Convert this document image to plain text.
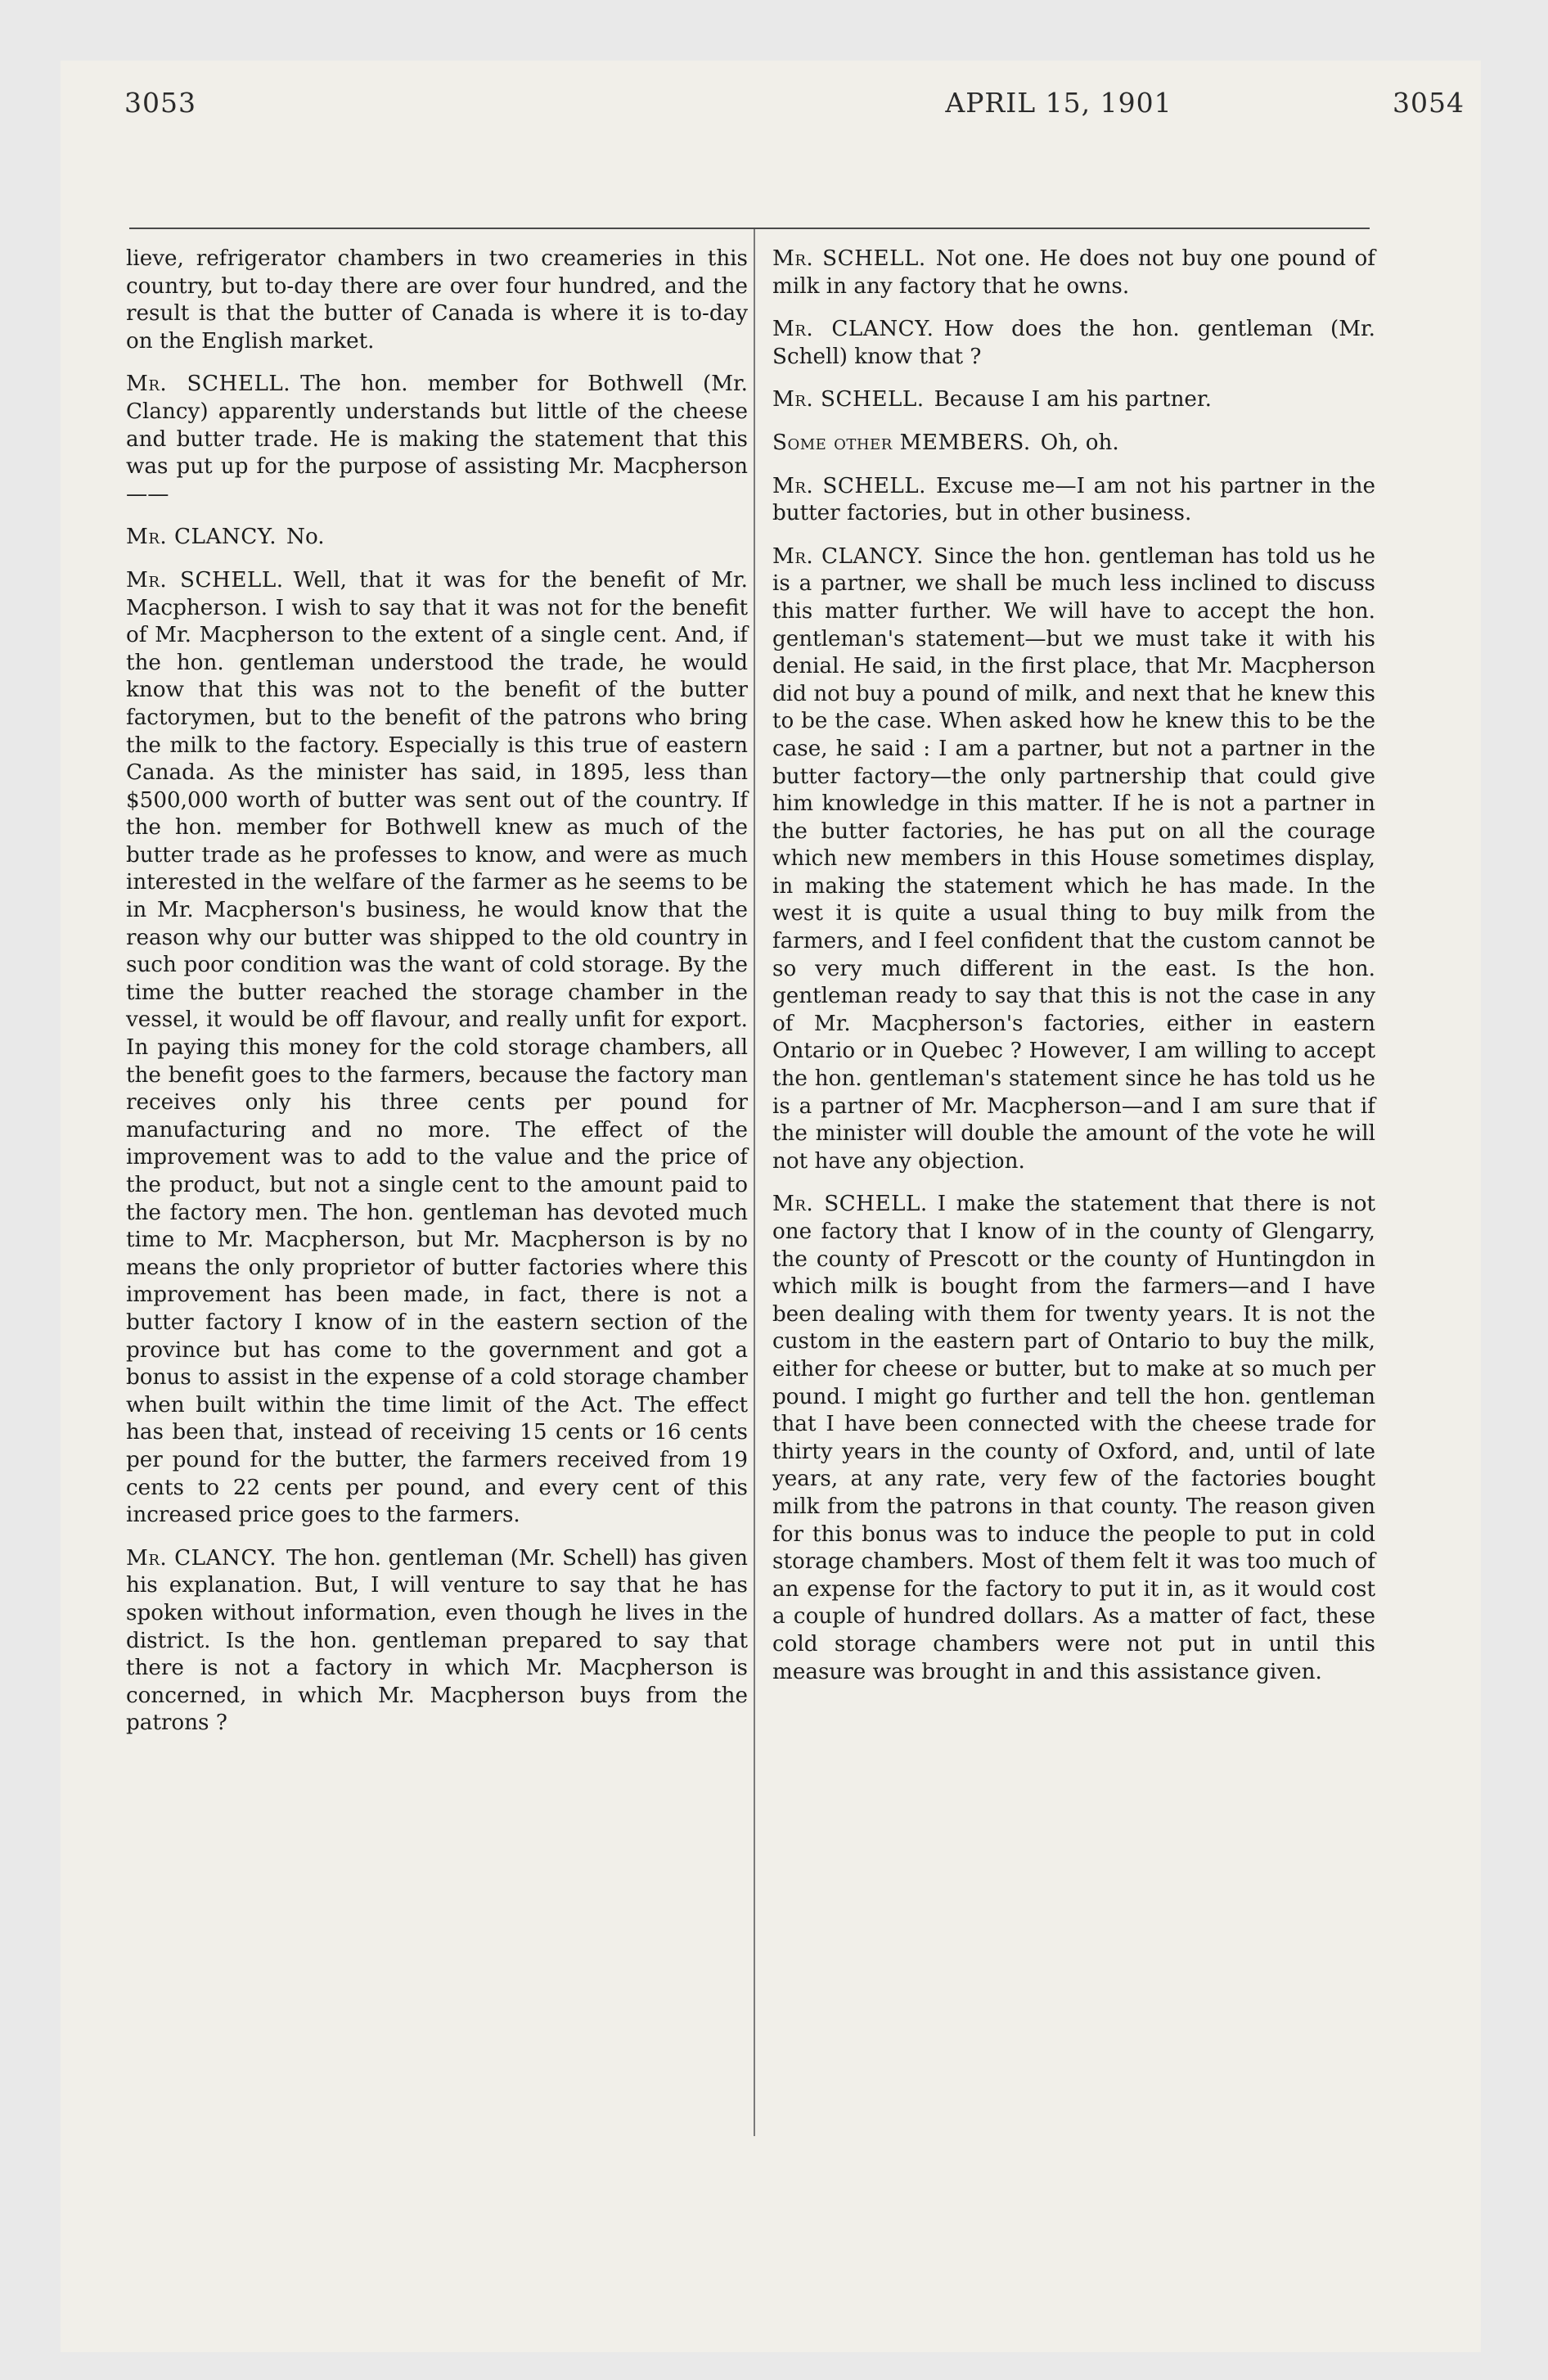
3053	APRIL 15, 1901	3054

lieve, refrigerator chambers in two creameries in this country, but to-day there are over four hundred, and the result is that the butter of Canada is where it is to-day on the English market.

Mr. SCHELL. The hon. member for Bothwell (Mr. Clancy) apparently understands but little of the cheese and butter trade. He is making the statement that this was put up for the purpose of assisting Mr. Macpherson——

Mr. CLANCY. No.

Mr. SCHELL. Well, that it was for the benefit of Mr. Macpherson. I wish to say that it was not for the benefit of Mr. Macpherson to the extent of a single cent. And, if the hon. gentleman understood the trade, he would know that this was not to the benefit of the butter factorymen, but to the benefit of the patrons who bring the milk to the factory. Especially is this true of eastern Canada. As the minister has said, in 1895, less than $500,000 worth of butter was sent out of the country. If the hon. member for Bothwell knew as much of the butter trade as he professes to know, and were as much interested in the welfare of the farmer as he seems to be in Mr. Macpherson's business, he would know that the reason why our butter was shipped to the old country in such poor condition was the want of cold storage. By the time the butter reached the storage chamber in the vessel, it would be off flavour, and really unfit for export. In paying this money for the cold storage chambers, all the benefit goes to the farmers, because the factory man receives only his three cents per pound for manufacturing and no more. The effect of the improvement was to add to the value and the price of the product, but not a single cent to the amount paid to the factory men. The hon. gentleman has devoted much time to Mr. Macpherson, but Mr. Macpherson is by no means the only proprietor of butter factories where this improvement has been made, in fact, there is not a butter factory I know of in the eastern section of the province but has come to the government and got a bonus to assist in the expense of a cold storage chamber when built within the time limit of the Act. The effect has been that, instead of receiving 15 cents or 16 cents per pound for the butter, the farmers received from 19 cents to 22 cents per pound, and every cent of this increased price goes to the farmers.

Mr. CLANCY. The hon. gentleman (Mr. Schell) has given his explanation. But, I will venture to say that he has spoken without information, even though he lives in the district. Is the hon. gentleman prepared to say that there is not a factory in which Mr. Macpherson is concerned, in which Mr. Macpherson buys from the patrons ?

Mr. SCHELL. Not one. He does not buy one pound of milk in any factory that he owns.

Mr. CLANCY. How does the hon. gentleman (Mr. Schell) know that ?

Mr. SCHELL. Because I am his partner.

Some other MEMBERS. Oh, oh.

Mr. SCHELL. Excuse me—I am not his partner in the butter factories, but in other business.

Mr. CLANCY. Since the hon. gentleman has told us he is a partner, we shall be much less inclined to discuss this matter further. We will have to accept the hon. gentleman's statement—but we must take it with his denial. He said, in the first place, that Mr. Macpherson did not buy a pound of milk, and next that he knew this to be the case. When asked how he knew this to be the case, he said : I am a partner, but not a partner in the butter factory—the only partnership that could give him knowledge in this matter. If he is not a partner in the butter factories, he has put on all the courage which new members in this House sometimes display, in making the statement which he has made. In the west it is quite a usual thing to buy milk from the farmers, and I feel confident that the custom cannot be so very much different in the east. Is the hon. gentleman ready to say that this is not the case in any of Mr. Macpherson's factories, either in eastern Ontario or in Quebec ? However, I am willing to accept the hon. gentleman's statement since he has told us he is a partner of Mr. Macpherson—and I am sure that if the minister will double the amount of the vote he will not have any objection.

Mr. SCHELL. I make the statement that there is not one factory that I know of in the county of Glengarry, the county of Prescott or the county of Huntingdon in which milk is bought from the farmers—and I have been dealing with them for twenty years. It is not the custom in the eastern part of Ontario to buy the milk, either for cheese or butter, but to make at so much per pound. I might go further and tell the hon. gentleman that I have been connected with the cheese trade for thirty years in the county of Oxford, and, until of late years, at any rate, very few of the factories bought milk from the patrons in that county. The reason given for this bonus was to induce the people to put in cold storage chambers. Most of them felt it was too much of an expense for the factory to put it in, as it would cost a couple of hundred dollars. As a matter of fact, these cold storage chambers were not put in until this measure was brought in and this assistance given.
